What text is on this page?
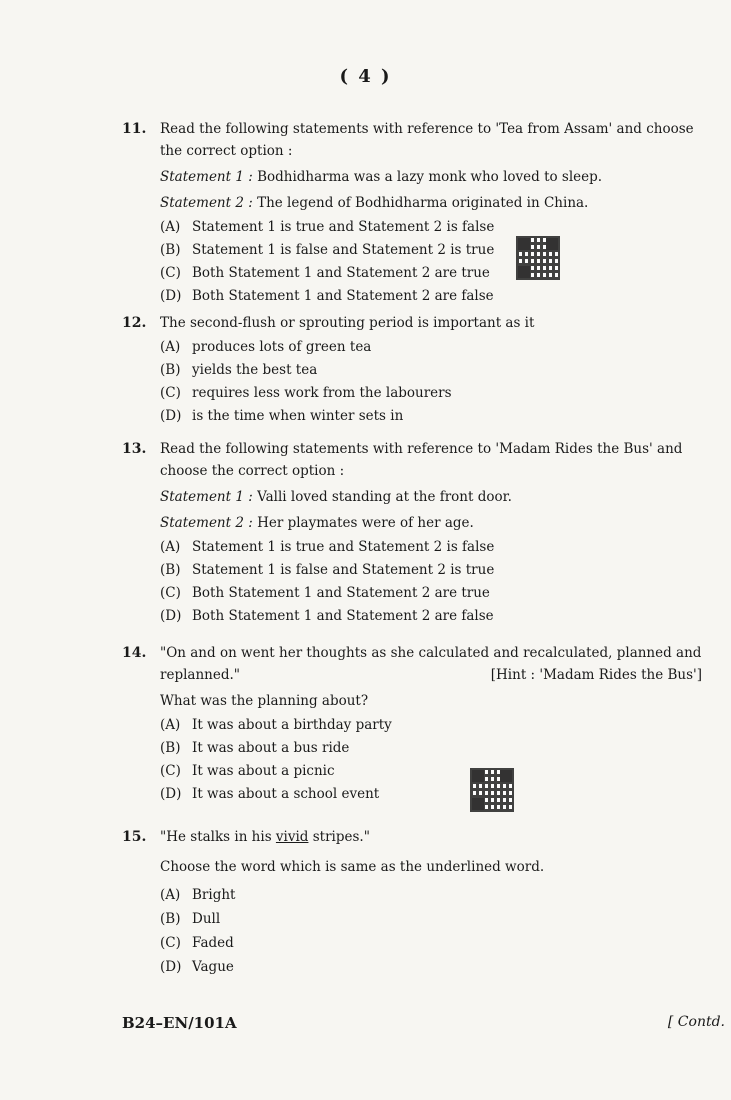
( 4 )
11. Read the following statements with reference to 'Tea from Assam' and choose the correct option :
Statement 1 : Bodhidharma was a lazy monk who loved to sleep.
Statement 2 : The legend of Bodhidharma originated in China.
(A) Statement 1 is true and Statement 2 is false
(B) Statement 1 is false and Statement 2 is true
(C) Both Statement 1 and Statement 2 are true
(D) Both Statement 1 and Statement 2 are false
12. The second-flush or sprouting period is important as it
(A) produces lots of green tea
(B) yields the best tea
(C) requires less work from the labourers
(D) is the time when winter sets in
13. Read the following statements with reference to 'Madam Rides the Bus' and choose the correct option :
Statement 1 : Valli loved standing at the front door.
Statement 2 : Her playmates were of her age.
(A) Statement 1 is true and Statement 2 is false
(B) Statement 1 is false and Statement 2 is true
(C) Both Statement 1 and Statement 2 are true
(D) Both Statement 1 and Statement 2 are false
14. "On and on went her thoughts as she calculated and recalculated, planned and replanned."	[Hint : 'Madam Rides the Bus']
What was the planning about?
(A) It was about a birthday party
(B) It was about a bus ride
(C) It was about a picnic
(D) It was about a school event
15. "He stalks in his vivid stripes."
Choose the word which is same as the underlined word.
(A) Bright
(B) Dull
(C) Faded
(D) Vague
B24–EN/101A	[ Contd.
